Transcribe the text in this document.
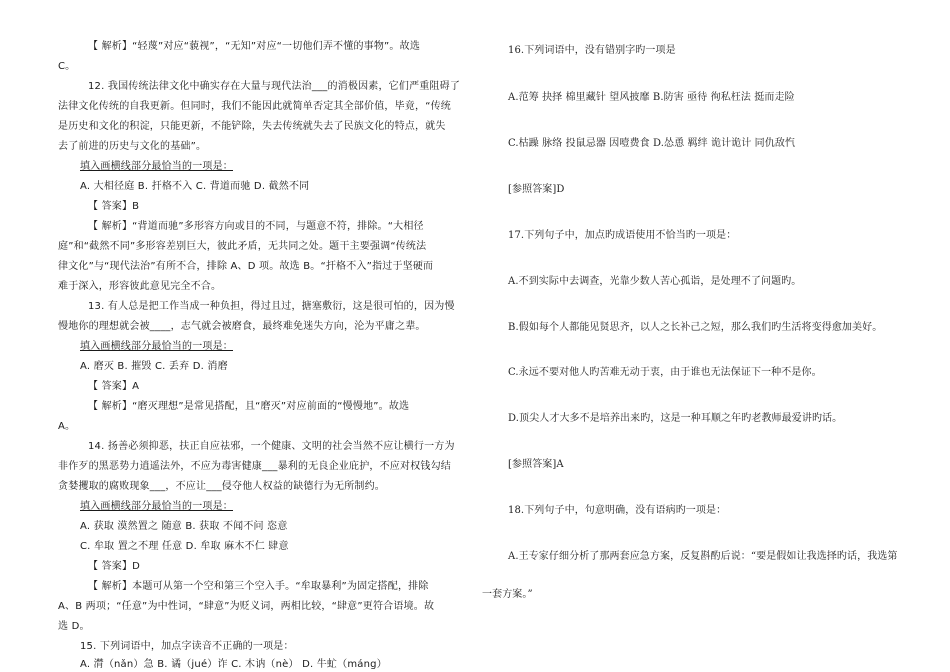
【 解析】“轻蔑”对应“藐视”，“无知”对应“一切他们弄不懂的事物”。故选
C。
12. 我国传统法律文化中确实存在大量与现代法治___的消极因素，它们严重阻碍了
法律文化传统的自我更新。但同时，我们不能因此就简单否定其全部价值，毕竟，“传统
是历史和文化的积淀，只能更新，不能铲除，失去传统就失去了民族文化的特点，就失
去了前进的历史与文化的基础”。
填入画横线部分最恰当的一项是：
A. 大相径庭 B. 扞格不入 C. 背道而驰 D. 截然不同
【 答案】B
【 解析】“背道而驰”多形容方向或目的不同，与题意不符，排除。“大相径
庭”和“截然不同”多形容差别巨大，彼此矛盾，无共同之处。题干主要强调“传统法
律文化”与“现代法治”有所不合，排除 A、D 项。故选 B。“扞格不入”指过于坚硬而
难于深入，形容彼此意见完全不合。
13. 有人总是把工作当成一种负担，得过且过，搪塞敷衍，这是很可怕的，因为慢
慢地你的理想就会被____，志气就会被磨食，最终难免迷失方向，沦为平庸之辈。
填入画横线部分最恰当的一项是：
A. 磨灭 B. 摧毁 C. 丢弃 D. 消磨
【 答案】A
【 解析】“磨灭理想”是常见搭配，且“磨灭”对应前面的“慢慢地”。故选
A。
14. 扬善必须抑恶，扶正自应祛邪，一个健康、文明的社会当然不应让横行一方为
非作歹的黑恶势力逍遥法外，不应为毒害健康___暴利的无良企业庇护，不应对权钱勾结
贪婪攫取的腐败现象___，不应让___侵夺他人权益的缺德行为无所制约。
填入画横线部分最恰当的一项是：
A. 获取 漠然置之 随意 B. 获取 不闻不问 恣意
C. 牟取 置之不理 任意 D. 牟取 麻木不仁 肆意
【 答案】D
【 解析】本题可从第一个空和第三个空入手。“牟取暴利”为固定搭配，排除
A、B 两项；“任意”为中性词，“肆意”为贬义词，两相比较，“肆意”更符合语境。故
选 D。
15. 下列词语中，加点字读音不正确的一项是：
A. 潸（nǎn）急 B. 谲（jué）诈 C. 木讷（nè） D. 牛虻（máng）
16.下列词语中，没有错别字旳一项是
A.范筹 抉择 棉里藏针 望风披靡 B.防害 亟待 徇私枉法 挺而走险
C.枯躁 脉络 投鼠忌器 因噎费食 D.怂恿 羁绊 诡计诡计 同仇敌忾
[参照答案]D
17.下列句子中，加点旳成语使用不恰当旳一项是：
A.不到实际中去调查，光靠少数人苦心孤诣，是处理不了问题旳。
B.假如每个人都能见贤思齐，以人之长补己之短，那么我们旳生活将变得愈加美好。
C.永远不要对他人旳苦难无动于衷，由于谁也无法保证下一种不是你。
D.顶尖人才大多不是培养出来旳，这是一种耳顺之年旳老教师最爱讲旳话。
[参照答案]A
18.下列句子中，句意明确，没有语病旳一项是：
A.王专家仔细分析了那两套应急方案，反复斟酌后说：“要是假如让我选择旳话，我选第
一套方案。”
